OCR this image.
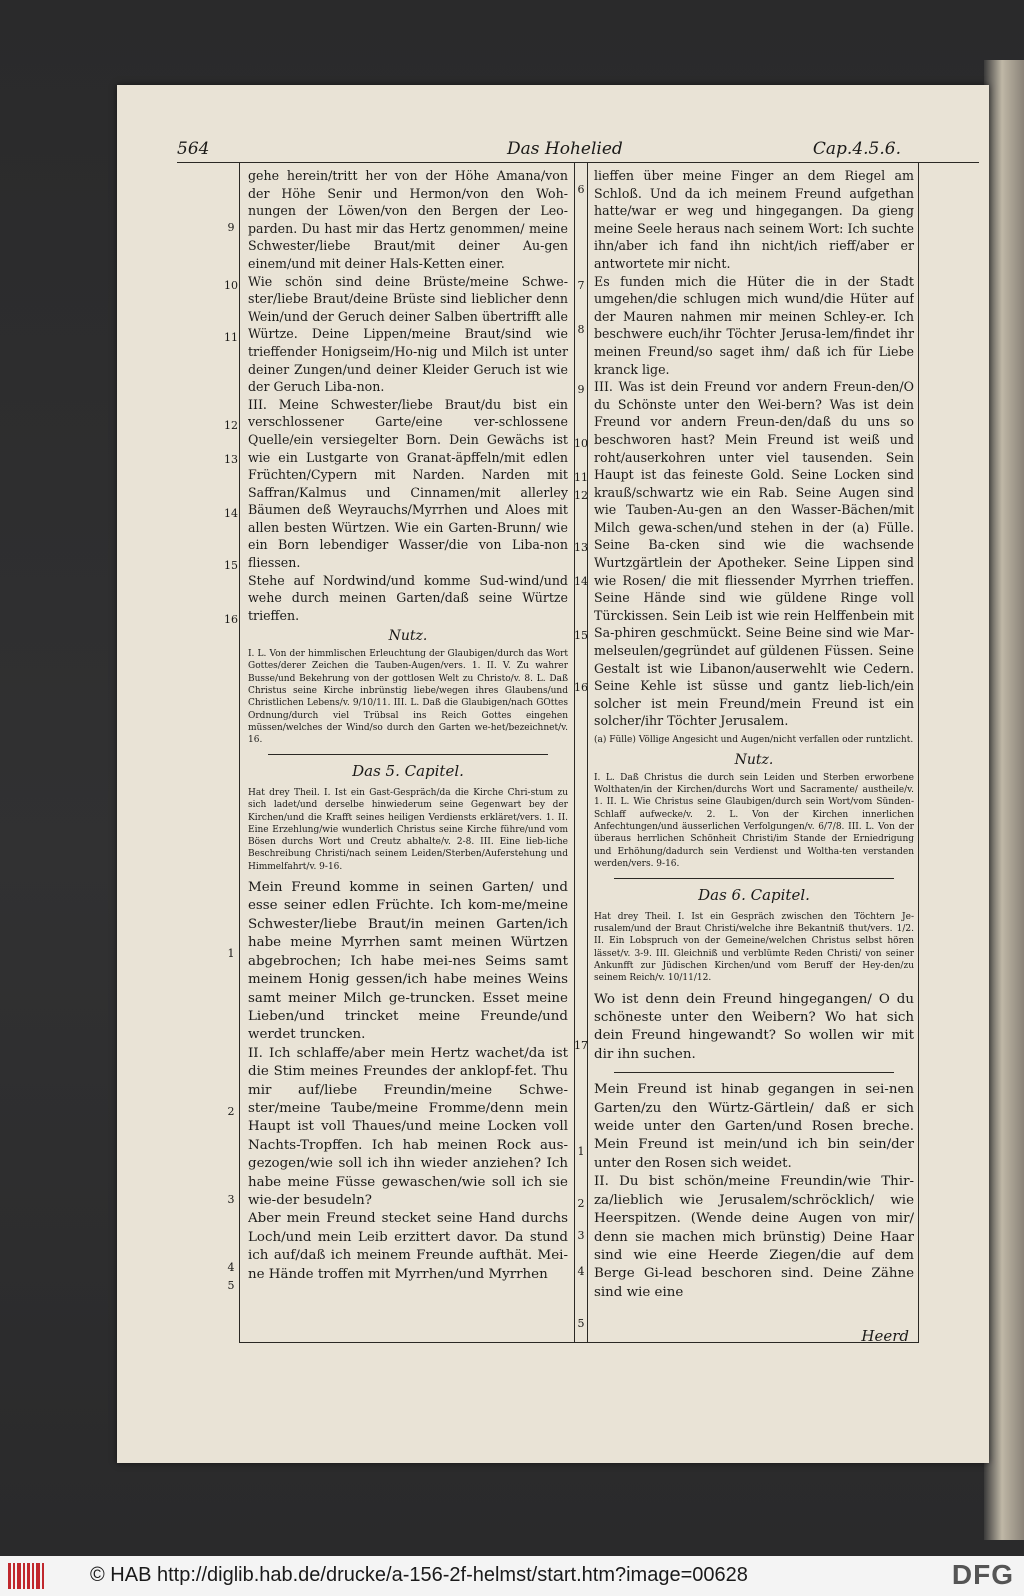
564	Das Hohelied	Cap.4.5.6.
9
10
11
12
13
14
15
16
1
2
3
4
5
6
7
8
9
10
11
12
13
14
15
16
17
1
2
3
4
5
gehe herein/tritt her von der Höhe Amana/von der Höhe Senir und Hermon/von den Woh-nungen der Löwen/von den Bergen der Leo-parden. Du hast mir das Hertz genommen/ meine Schwester/liebe Braut/mit deiner Au-gen einem/und mit deiner Hals-Ketten einer.
Wie schön sind deine Brüste/meine Schwe-ster/liebe Braut/deine Brüste sind lieblicher denn Wein/und der Geruch deiner Salben übertrifft alle Würtze. Deine Lippen/meine Braut/sind wie trieffender Honigseim/Ho-nig und Milch ist unter deiner Zungen/und deiner Kleider Geruch ist wie der Geruch Liba-non.
III. Meine Schwester/liebe Braut/du bist ein verschlossener Garte/eine ver-schlossene Quelle/ein versiegelter Born. Dein Gewächs ist wie ein Lustgarte von Granat-äpffeln/mit edlen Früchten/Cypern mit Narden. Narden mit Saffran/Kalmus und Cinnamen/mit allerley Bäumen deß Weyrauchs/Myrrhen und Aloes mit allen besten Würtzen. Wie ein Garten-Brunn/ wie ein Born lebendiger Wasser/die von Liba-non fliessen.
Stehe auf Nordwind/und komme Sud-wind/und wehe durch meinen Garten/daß seine Würtze trieffen.
Nutz.
I. L. Von der himmlischen Erleuchtung der Glaubigen/durch das Wort Gottes/derer Zeichen die Tauben-Augen/vers. 1. II. V. Zu wahrer Busse/und Bekehrung von der gottlosen Welt zu Christo/v. 8. L. Daß Christus seine Kirche inbrünstig liebe/wegen ihres Glaubens/und Christlichen Lebens/v. 9/10/11. III. L. Daß die Glaubigen/nach GOttes Ordnung/durch viel Trübsal ins Reich Gottes eingehen müssen/welches der Wind/so durch den Garten we-het/bezeichnet/v. 16.
Das 5. Capitel.
Hat drey Theil. I. Ist ein Gast-Gespräch/da die Kirche Chri-stum zu sich ladet/und derselbe hinwiederum seine Gegenwart bey der Kirchen/und die Krafft seines heiligen Verdiensts erkläret/vers. 1. II. Eine Erzehlung/wie wunderlich Christus seine Kirche führe/und vom Bösen durchs Wort und Creutz abhalte/v. 2-8. III. Eine lieb-liche Beschreibung Christi/nach seinem Leiden/Sterben/Auferstehung und Himmelfahrt/v. 9-16.
Mein Freund komme in seinen Garten/ und esse seiner edlen Früchte. Ich kom-me/meine Schwester/liebe Braut/in meinen Garten/ich habe meine Myrrhen samt meinen Würtzen abgebrochen; Ich habe mei-nes Seims samt meinem Honig gessen/ich habe meines Weins samt meiner Milch ge-truncken. Esset meine Lieben/und trincket meine Freunde/und werdet truncken.
II. Ich schlaffe/aber mein Hertz wachet/da ist die Stim meines Freundes der anklopf-fet. Thu mir auf/liebe Freundin/meine Schwe-ster/meine Taube/meine Fromme/denn mein Haupt ist voll Thaues/und meine Locken voll Nachts-Tropffen. Ich hab meinen Rock aus-gezogen/wie soll ich ihn wieder anziehen? Ich habe meine Füsse gewaschen/wie soll ich sie wie-der besudeln?
Aber mein Freund stecket seine Hand durchs Loch/und mein Leib erzittert davor. Da stund ich auf/daß ich meinem Freunde aufthät. Mei-ne Hände troffen mit Myrrhen/und Myrrhen
lieffen über meine Finger an dem Riegel am Schloß. Und da ich meinem Freund aufgethan hatte/war er weg und hingegangen. Da gieng meine Seele heraus nach seinem Wort: Ich suchte ihn/aber ich fand ihn nicht/ich rieff/aber er antwortete mir nicht.
Es funden mich die Hüter die in der Stadt umgehen/die schlugen mich wund/die Hüter auf der Mauren nahmen mir meinen Schley-er. Ich beschwere euch/ihr Töchter Jerusa-lem/findet ihr meinen Freund/so saget ihm/ daß ich für Liebe kranck lige.
III. Was ist dein Freund vor andern Freun-den/O du Schönste unter den Wei-bern? Was ist dein Freund vor andern Freun-den/daß du uns so beschworen hast? Mein Freund ist weiß und roht/auserkohren unter viel tausenden. Sein Haupt ist das feineste Gold. Seine Locken sind krauß/schwartz wie ein Rab. Seine Augen sind wie Tauben-Au-gen an den Wasser-Bächen/mit Milch gewa-schen/und stehen in der (a) Fülle. Seine Ba-cken sind wie die wachsende Wurtzgärtlein der Apotheker. Seine Lippen sind wie Rosen/ die mit fliessender Myrrhen trieffen. Seine Hände sind wie güldene Ringe voll Türckissen. Sein Leib ist wie rein Helffenbein mit Sa-phiren geschmückt. Seine Beine sind wie Mar-melseulen/gegründet auf güldenen Füssen. Seine Gestalt ist wie Libanon/auserwehlt wie Cedern. Seine Kehle ist süsse und gantz lieb-lich/ein solcher ist mein Freund/mein Freund ist ein solcher/ihr Töchter Jerusalem.
(a) Fülle) Völlige Angesicht und Augen/nicht verfallen oder runtzlicht.
Nutz.
I. L. Daß Christus die durch sein Leiden und Sterben erworbene Wolthaten/in der Kirchen/durchs Wort und Sacramente/ austheile/v. 1. II. L. Wie Christus seine Glaubigen/durch sein Wort/vom Sünden-Schlaff aufwecke/v. 2. L. Von der Kirchen innerlichen Anfechtungen/und äusserlichen Verfolgungen/v. 6/7/8. III. L. Von der überaus herrlichen Schönheit Christi/im Stande der Erniedrigung und Erhöhung/dadurch sein Verdienst und Woltha-ten verstanden werden/vers. 9-16.
Das 6. Capitel.
Hat drey Theil. I. Ist ein Gespräch zwischen den Töchtern Je-rusalem/und der Braut Christi/welche ihre Bekantniß thut/vers. 1/2. II. Ein Lobspruch von der Gemeine/welchen Christus selbst hören lässet/v. 3-9. III. Gleichniß und verblümte Reden Christi/ von seiner Ankunfft zur Jüdischen Kirchen/und vom Beruff der Hey-den/zu seinem Reich/v. 10/11/12.
Wo ist denn dein Freund hingegangen/ O du schöneste unter den Weibern? Wo hat sich dein Freund hingewandt? So wollen wir mit dir ihn suchen.
Mein Freund ist hinab gegangen in sei-nen Garten/zu den Würtz-Gärtlein/ daß er sich weide unter den Garten/und Rosen breche. Mein Freund ist mein/und ich bin sein/der unter den Rosen sich weidet.
II. Du bist schön/meine Freundin/wie Thir-za/lieblich wie Jerusalem/schröcklich/ wie Heerspitzen. (Wende deine Augen von mir/ denn sie machen mich brünstig) Deine Haar sind wie eine Heerde Ziegen/die auf dem Berge Gi-lead beschoren sind. Deine Zähne sind wie eine
Heerd
© HAB http://diglib.hab.de/drucke/a-156-2f-helmst/start.htm?image=00628	DFG
